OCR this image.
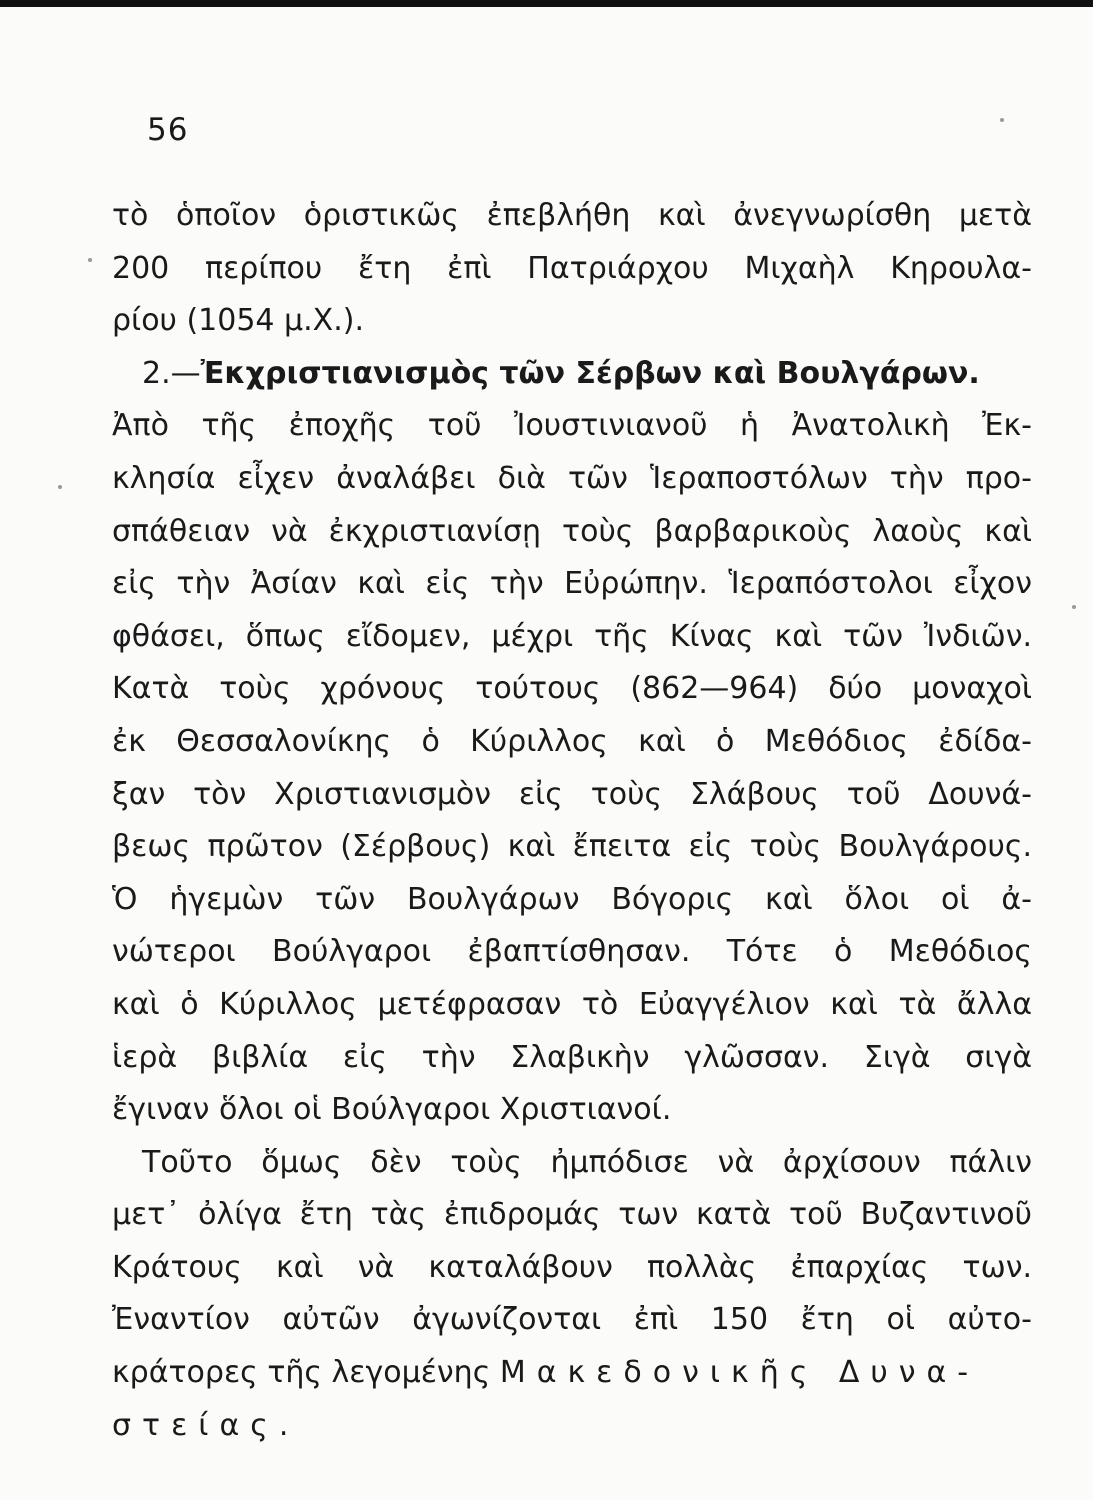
56
τὸ ὁποῖον ὁριστικῶς ἐπεβλήθη καὶ ἀνεγνωρίσθη μετὰ
200 περίπου ἔτη ἐπὶ Πατριάρχου Μιχαὴλ Κηρουλα-
ρίου (1054 μ.Χ.).
2.—Ἐκχριστιανισμὸς τῶν Σέρβων καὶ Βουλγάρων.
Ἀπὸ τῆς ἐποχῆς τοῦ Ἰουστινιανοῦ ἡ Ἀνατολικὴ Ἐκ-
κλησία εἶχεν ἀναλάβει διὰ τῶν Ἱεραποστόλων τὴν προ-
σπάθειαν νὰ ἐκχριστιανίσῃ τοὺς βαρβαρικοὺς λαοὺς καὶ
εἰς τὴν Ἀσίαν καὶ εἰς τὴν Εὐρώπην. Ἱεραπόστολοι εἶχον
φθάσει, ὅπως εἴδομεν, μέχρι τῆς Κίνας καὶ τῶν Ἰνδιῶν.
Κατὰ τοὺς χρόνους τούτους (862—964) δύο μοναχοὶ
ἐκ Θεσσαλονίκης ὁ Κύριλλος καὶ ὁ Μεθόδιος ἐδίδα-
ξαν τὸν Χριστιανισμὸν εἰς τοὺς Σλάβους τοῦ Δουνά-
βεως πρῶτον (Σέρβους) καὶ ἔπειτα εἰς τοὺς Βουλγάρους.
Ὁ ἡγεμὼν τῶν Βουλγάρων Βόγορις καὶ ὅλοι οἱ ἀ-
νώτεροι Βούλγαροι ἐβαπτίσθησαν. Τότε ὁ Μεθόδιος
καὶ ὁ Κύριλλος μετέφρασαν τὸ Εὐαγγέλιον καὶ τὰ ἄλλα
ἱερὰ βιβλία εἰς τὴν Σλαβικὴν γλῶσσαν. Σιγὰ σιγὰ
ἔγιναν ὅλοι οἱ Βούλγαροι Χριστιανοί.
Τοῦτο ὅμως δὲν τοὺς ἠμπόδισε νὰ ἀρχίσουν πάλιν
μετ᾿ ὀλίγα ἔτη τὰς ἐπιδρομάς των κατὰ τοῦ Βυζαντινοῦ
Κράτους καὶ νὰ καταλάβουν πολλὰς ἐπαρχίας των.
Ἐναντίον αὐτῶν ἀγωνίζονται ἐπὶ 150 ἔτη οἱ αὐτο-
κράτορες τῆς λεγομένης Μακεδονικῆς Δυνα-
στείας.
